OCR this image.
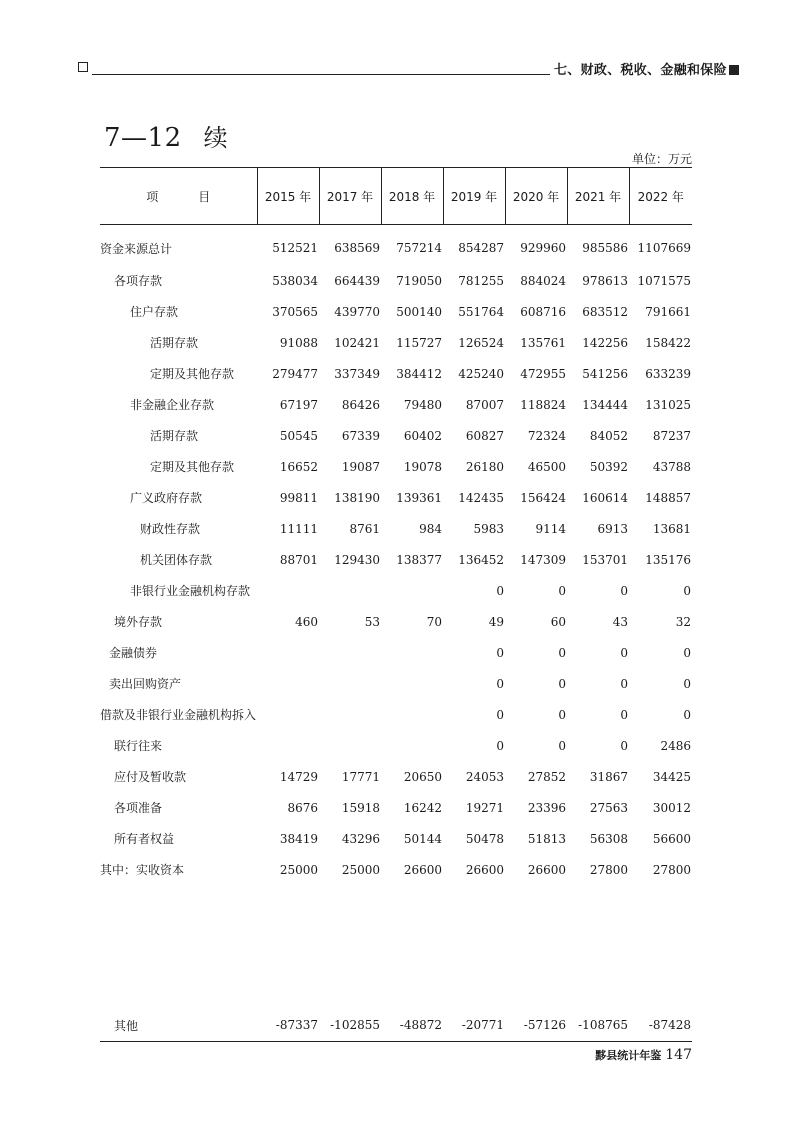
七、财政、税收、金融和保险
7—12 续
单位：万元
项　目	2015 年	2017 年	2018 年	2019 年	2020 年	2021 年	2022 年
资金来源总计	512521	638569	757214	854287	929960	985586	1107669
各项存款	538034	664439	719050	781255	884024	978613	1071575
住户存款	370565	439770	500140	551764	608716	683512	791661
活期存款	91088	102421	115727	126524	135761	142256	158422
定期及其他存款	279477	337349	384412	425240	472955	541256	633239
非金融企业存款	67197	86426	79480	87007	118824	134444	131025
活期存款	50545	67339	60402	60827	72324	84052	87237
定期及其他存款	16652	19087	19078	26180	46500	50392	43788
广义政府存款	99811	138190	139361	142435	156424	160614	148857
财政性存款	11111	8761	984	5983	9114	6913	13681
机关团体存款	88701	129430	138377	136452	147309	153701	135176
非银行业金融机构存款				0	0	0	0
境外存款	460	53	70	49	60	43	32
金融债券				0	0	0	0
卖出回购资产				0	0	0	0
借款及非银行业金融机构拆入				0	0	0	0
联行往来				0	0	0	2486
应付及暂收款	14729	17771	20650	24053	27852	31867	34425
各项准备	8676	15918	16242	19271	23396	27563	30012
所有者权益	38419	43296	50144	50478	51813	56308	56600
其中：实收资本	25000	25000	26600	26600	26600	27800	27800

其他	-87337	-102855	-48872	-20771	-57126	-108765	-87428
黟县统计年鉴 147
